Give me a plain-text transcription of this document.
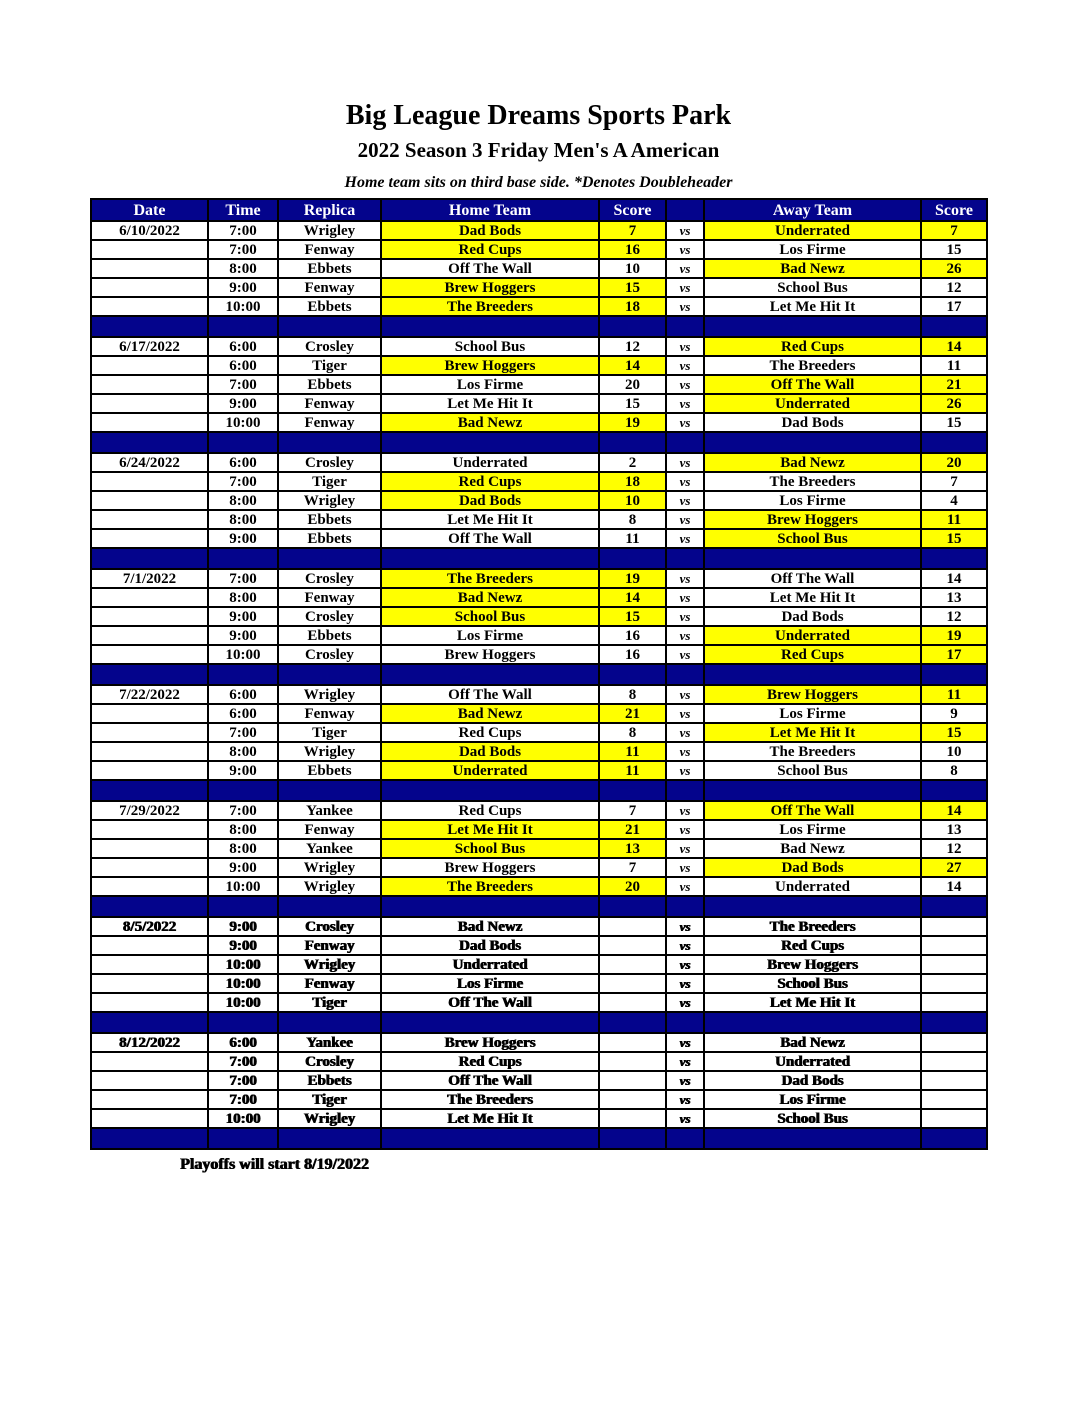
Big League Dreams Sports Park
2022 Season 3 Friday Men's A American
Home team sits on third base side. *Denotes Doubleheader
Date	Time	Replica	Home Team	Score		Away Team	Score
6/10/2022	7:00	Wrigley	Dad Bods	7	vs	Underrated	7
	7:00	Fenway	Red Cups	16	vs	Los Firme	15
	8:00	Ebbets	Off The Wall	10	vs	Bad Newz	26
	9:00	Fenway	Brew Hoggers	15	vs	School Bus	12
	10:00	Ebbets	The Breeders	18	vs	Let Me Hit It	17

6/17/2022	6:00	Crosley	School Bus	12	vs	Red Cups	14
	6:00	Tiger	Brew Hoggers	14	vs	The Breeders	11
	7:00	Ebbets	Los Firme	20	vs	Off The Wall	21
	9:00	Fenway	Let Me Hit It	15	vs	Underrated	26
	10:00	Fenway	Bad Newz	19	vs	Dad Bods	15

6/24/2022	6:00	Crosley	Underrated	2	vs	Bad Newz	20
	7:00	Tiger	Red Cups	18	vs	The Breeders	7
	8:00	Wrigley	Dad Bods	10	vs	Los Firme	4
	8:00	Ebbets	Let Me Hit It	8	vs	Brew Hoggers	11
	9:00	Ebbets	Off The Wall	11	vs	School Bus	15

7/1/2022	7:00	Crosley	The Breeders	19	vs	Off The Wall	14
	8:00	Fenway	Bad Newz	14	vs	Let Me Hit It	13
	9:00	Crosley	School Bus	15	vs	Dad Bods	12
	9:00	Ebbets	Los Firme	16	vs	Underrated	19
	10:00	Crosley	Brew Hoggers	16	vs	Red Cups	17

7/22/2022	6:00	Wrigley	Off The Wall	8	vs	Brew Hoggers	11
	6:00	Fenway	Bad Newz	21	vs	Los Firme	9
	7:00	Tiger	Red Cups	8	vs	Let Me Hit It	15
	8:00	Wrigley	Dad Bods	11	vs	The Breeders	10
	9:00	Ebbets	Underrated	11	vs	School Bus	8

7/29/2022	7:00	Yankee	Red Cups	7	vs	Off The Wall	14
	8:00	Fenway	Let Me Hit It	21	vs	Los Firme	13
	8:00	Yankee	School Bus	13	vs	Bad Newz	12
	9:00	Wrigley	Brew Hoggers	7	vs	Dad Bods	27
	10:00	Wrigley	The Breeders	20	vs	Underrated	14

8/5/2022	9:00	Crosley	Bad Newz		vs	The Breeders	
	9:00	Fenway	Dad Bods		vs	Red Cups	
	10:00	Wrigley	Underrated		vs	Brew Hoggers	
	10:00	Fenway	Los Firme		vs	School Bus	
	10:00	Tiger	Off The Wall		vs	Let Me Hit It	

8/12/2022	6:00	Yankee	Brew Hoggers		vs	Bad Newz	
	7:00	Crosley	Red Cups		vs	Underrated	
	7:00	Ebbets	Off The Wall		vs	Dad Bods	
	7:00	Tiger	The Breeders		vs	Los Firme	
	10:00	Wrigley	Let Me Hit It		vs	School Bus	

Playoffs will start 8/19/2022
